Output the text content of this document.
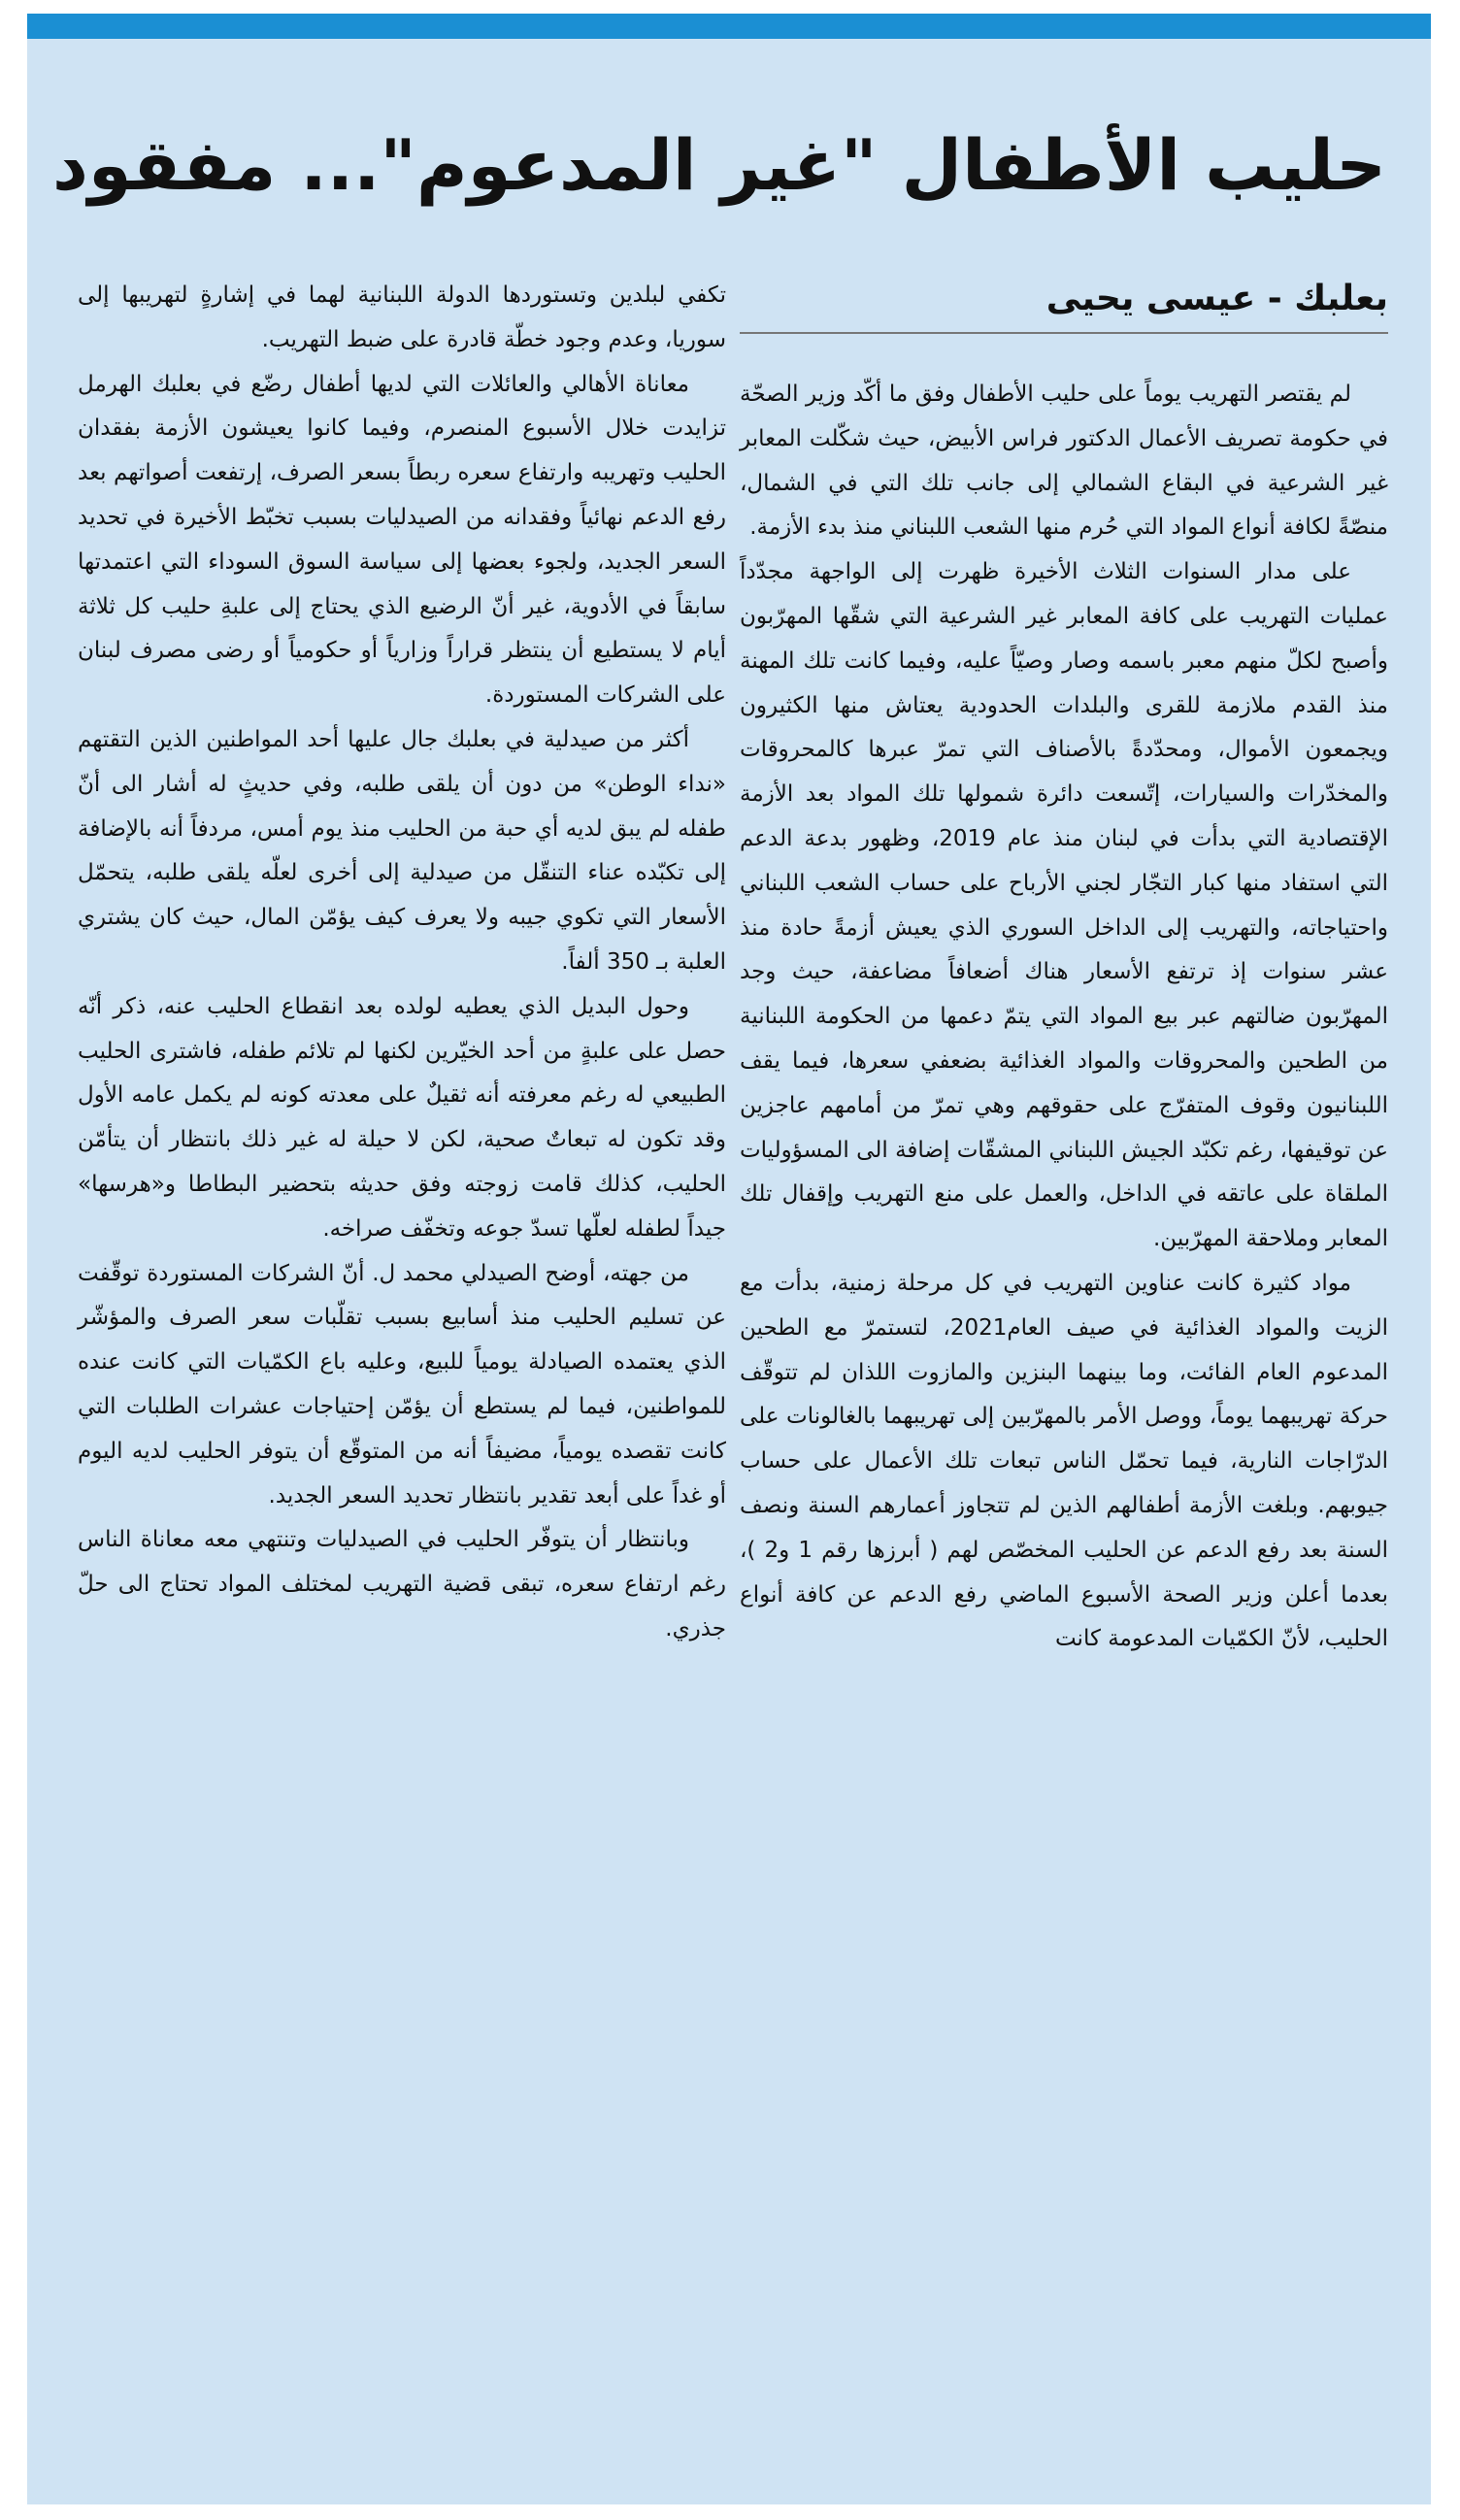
حليب الأطفال "غير المدعوم"... مفقود
بعلبك - عيسى يحيى

لم يقتصر التهريب يوماً على حليب الأطفال وفق ما أكّد وزير الصحّة في حكومة تصريف الأعمال الدكتور فراس الأبيض، حيث شكّلت المعابر غير الشرعية في البقاع الشمالي إلى جانب تلك التي في الشمال، منصّةً لكافة أنواع المواد التي حُرم منها الشعب اللبناني منذ بدء الأزمة.

على مدار السنوات الثلاث الأخيرة ظهرت إلى الواجهة مجدّداً عمليات التهريب على كافة المعابر غير الشرعية التي شقّها المهرّبون وأصبح لكلّ منهم معبر باسمه وصار وصيّاً عليه، وفيما كانت تلك المهنة منذ القدم ملازمة للقرى والبلدات الحدودية يعتاش منها الكثيرون ويجمعون الأموال، ومحدّدةً بالأصناف التي تمرّ عبرها كالمحروقات والمخدّرات والسيارات، إتّسعت دائرة شمولها تلك المواد بعد الأزمة الإقتصادية التي بدأت في لبنان منذ عام 2019، وظهور بدعة الدعم التي استفاد منها كبار التجّار لجني الأرباح على حساب الشعب اللبناني واحتياجاته، والتهريب إلى الداخل السوري الذي يعيش أزمةً حادة منذ عشر سنوات إذ ترتفع الأسعار هناك أضعافاً مضاعفة، حيث وجد المهرّبون ضالتهم عبر بيع المواد التي يتمّ دعمها من الحكومة اللبنانية من الطحين والمحروقات والمواد الغذائية بضعفي سعرها، فيما يقف اللبنانيون وقوف المتفرّج على حقوقهم وهي تمرّ من أمامهم عاجزين عن توقيفها، رغم تكبّد الجيش اللبناني المشقّات إضافة الى المسؤوليات الملقاة على عاتقه في الداخل، والعمل على منع التهريب وإقفال تلك المعابر وملاحقة المهرّبين.

مواد كثيرة كانت عناوين التهريب في كل مرحلة زمنية، بدأت مع الزيت والمواد الغذائية في صيف العام2021، لتستمرّ مع الطحين المدعوم العام الفائت، وما بينهما البنزين والمازوت اللذان لم تتوقّف حركة تهريبهما يوماً، ووصل الأمر بالمهرّبين إلى تهريبهما بالغالونات على الدرّاجات النارية، فيما تحمّل الناس تبعات تلك الأعمال على حساب جيوبهم. وبلغت الأزمة أطفالهم الذين لم تتجاوز أعمارهم السنة ونصف السنة بعد رفع الدعم عن الحليب المخصّص لهم ( أبرزها رقم 1 و2 )، بعدما أعلن وزير الصحة الأسبوع الماضي رفع الدعم عن كافة أنواع الحليب، لأنّ الكمّيات المدعومة كانت

تكفي لبلدين وتستوردها الدولة اللبنانية لهما في إشارةٍ لتهريبها إلى سوريا، وعدم وجود خطّة قادرة على ضبط التهريب.

معاناة الأهالي والعائلات التي لديها أطفال رضّع في بعلبك الهرمل تزايدت خلال الأسبوع المنصرم، وفيما كانوا يعيشون الأزمة بفقدان الحليب وتهريبه وارتفاع سعره ربطاً بسعر الصرف، إرتفعت أصواتهم بعد رفع الدعم نهائياً وفقدانه من الصيدليات بسبب تخبّط الأخيرة في تحديد السعر الجديد، ولجوء بعضها إلى سياسة السوق السوداء التي اعتمدتها سابقاً في الأدوية، غير أنّ الرضيع الذي يحتاج إلى علبةِ حليب كل ثلاثة أيام لا يستطيع أن ينتظر قراراً وزارياً أو حكومياً أو رضى مصرف لبنان على الشركات المستوردة.

أكثر من صيدلية في بعلبك جال عليها أحد المواطنين الذين التقتهم «نداء الوطن» من دون أن يلقى طلبه، وفي حديثٍ له أشار الى أنّ طفله لم يبق لديه أي حبة من الحليب منذ يوم أمس، مردفاً أنه بالإضافة إلى تكبّده عناء التنقّل من صيدلية إلى أخرى لعلّه يلقى طلبه، يتحمّل الأسعار التي تكوي جيبه ولا يعرف كيف يؤمّن المال، حيث كان يشتري العلبة بـ 350 ألفاً.

وحول البديل الذي يعطيه لولده بعد انقطاع الحليب عنه، ذكر أنّه حصل على علبةٍ من أحد الخيّرين لكنها لم تلائم طفله، فاشترى الحليب الطبيعي له رغم معرفته أنه ثقيلٌ على معدته كونه لم يكمل عامه الأول وقد تكون له تبعاتٌ صحية، لكن لا حيلة له غير ذلك بانتظار أن يتأمّن الحليب، كذلك قامت زوجته وفق حديثه بتحضير البطاطا و«هرسها» جيداً لطفله لعلّها تسدّ جوعه وتخفّف صراخه.

من جهته، أوضح الصيدلي محمد ل. أنّ الشركات المستوردة توقّفت عن تسليم الحليب منذ أسابيع بسبب تقلّبات سعر الصرف والمؤشّر الذي يعتمده الصيادلة يومياً للبيع، وعليه باع الكمّيات التي كانت عنده للمواطنين، فيما لم يستطع أن يؤمّن إحتياجات عشرات الطلبات التي كانت تقصده يومياً، مضيفاً أنه من المتوقّع أن يتوفر الحليب لديه اليوم أو غداً على أبعد تقدير بانتظار تحديد السعر الجديد.

وبانتظار أن يتوفّر الحليب في الصيدليات وتنتهي معه معاناة الناس رغم ارتفاع سعره، تبقى قضية التهريب لمختلف المواد تحتاج الى حلّ جذري.
